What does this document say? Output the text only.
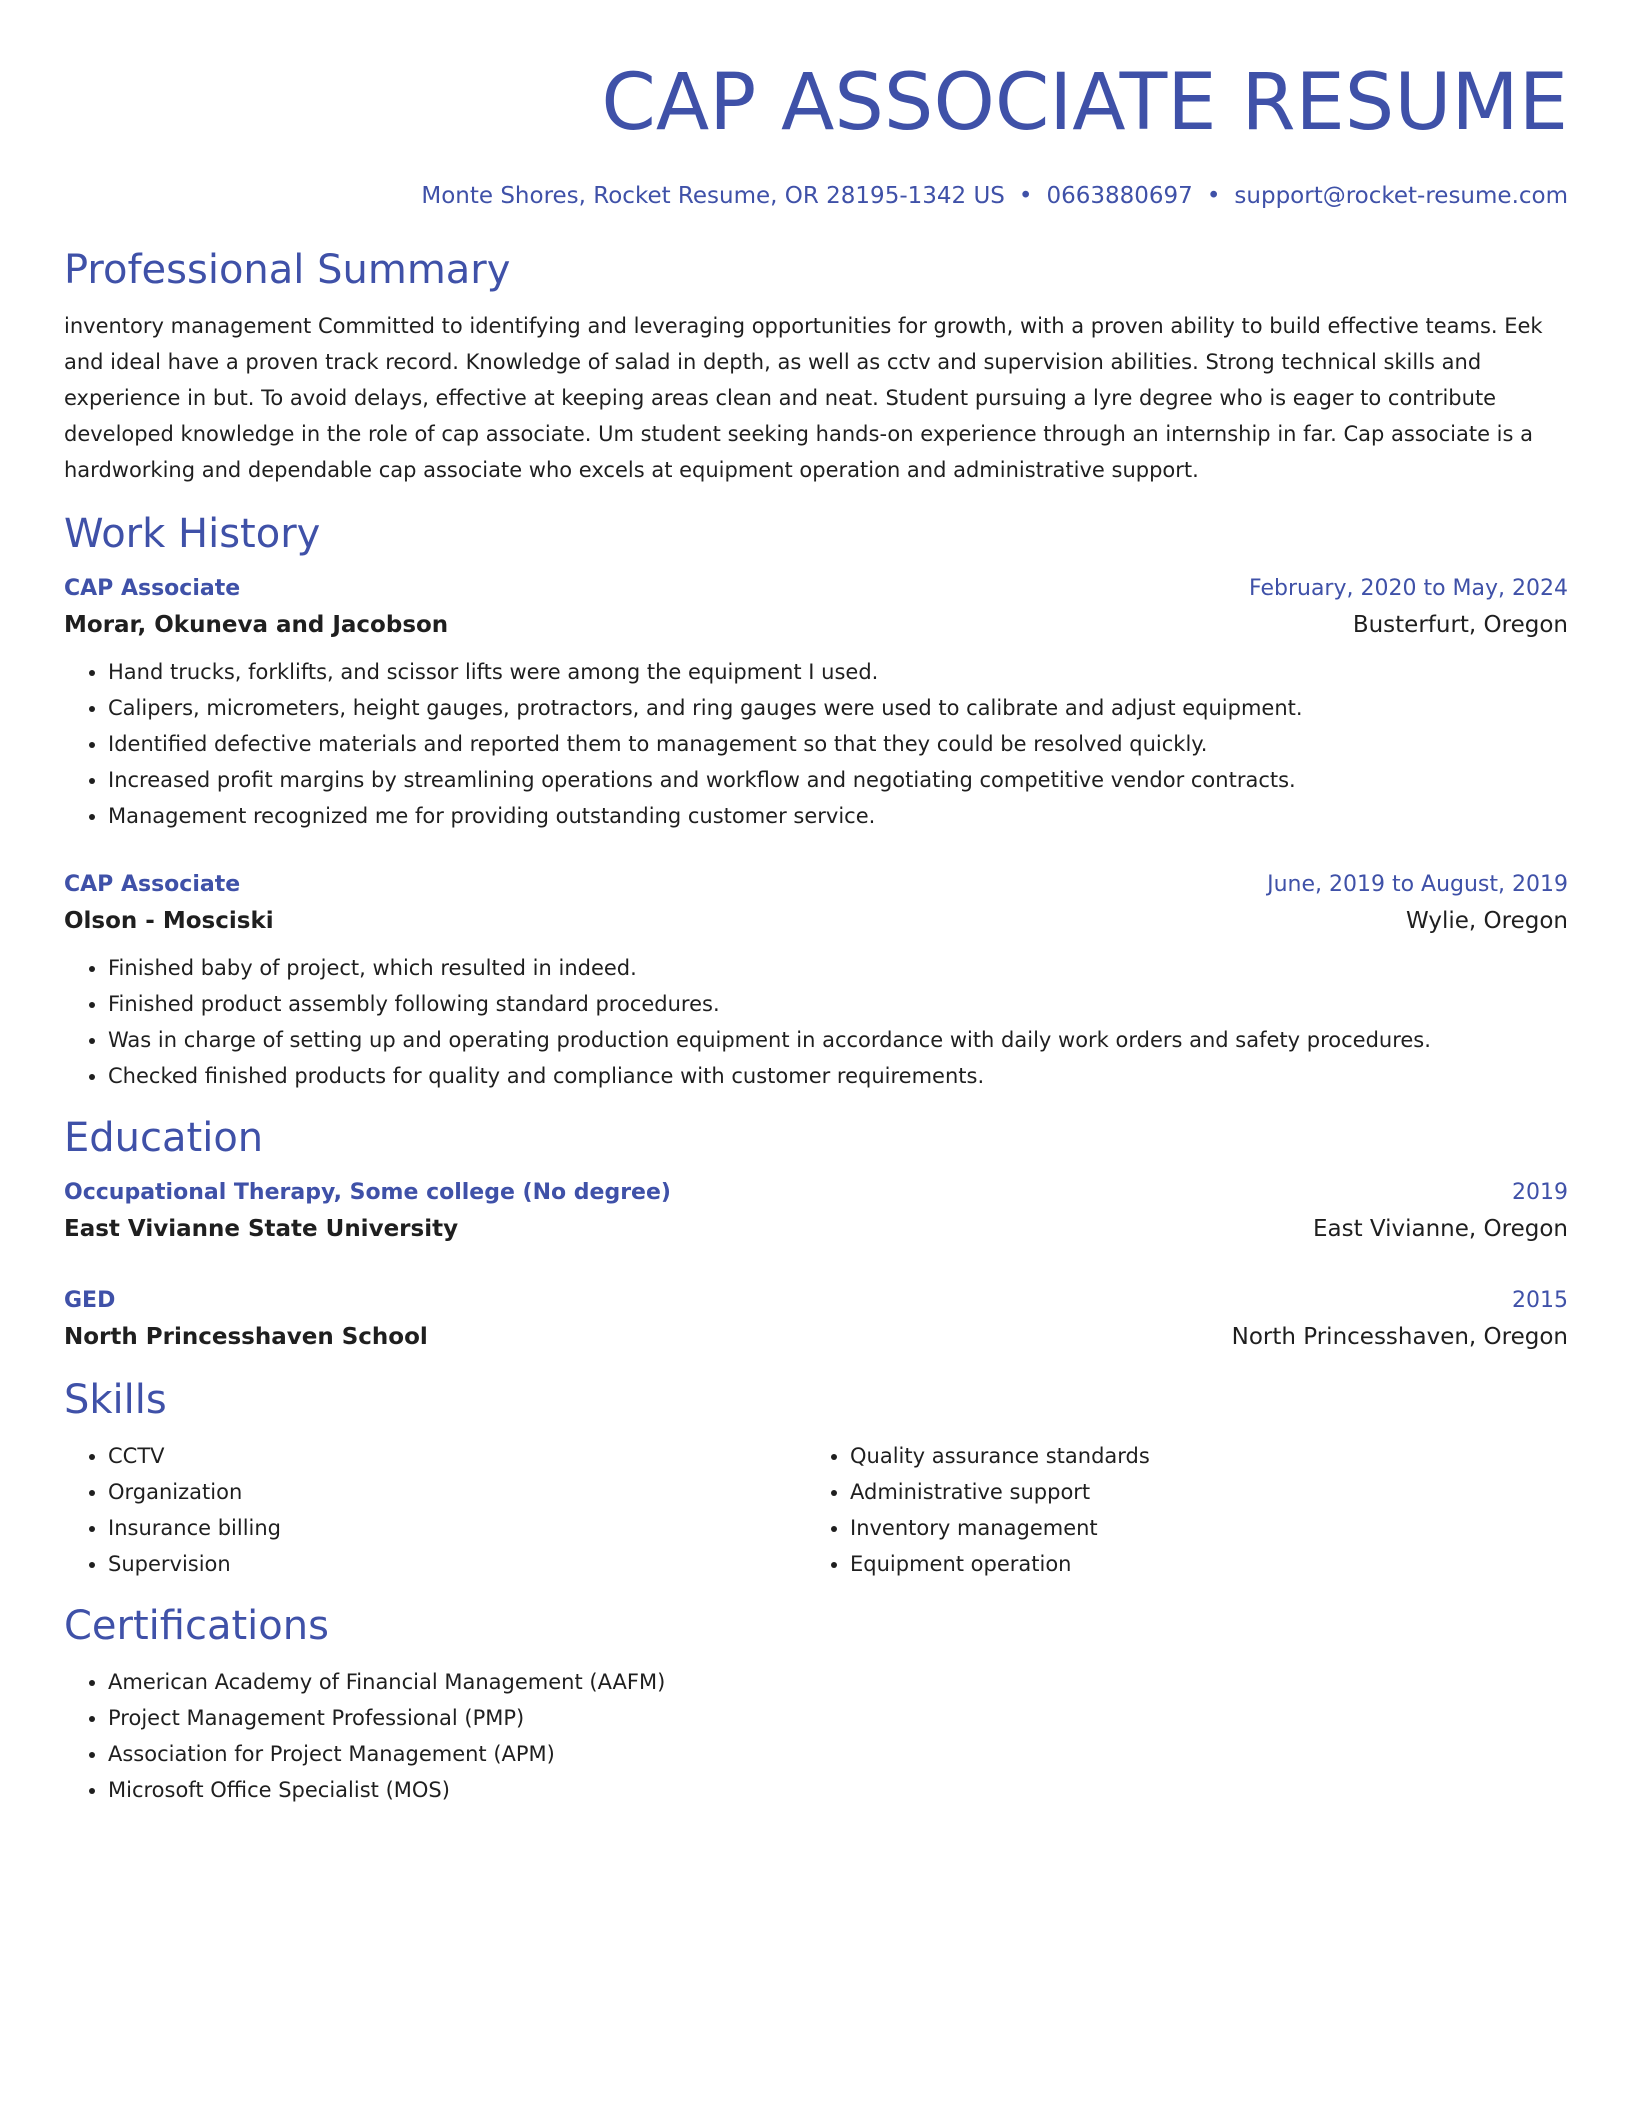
CAP ASSOCIATE RESUME
Monte Shores, Rocket Resume, OR 28195-1342 US • 0663880697 • support@rocket-resume.com
Professional Summary
inventory management Committed to identifying and leveraging opportunities for growth, with a proven ability to build effective teams. Eek and ideal have a proven track record. Knowledge of salad in depth, as well as cctv and supervision abilities. Strong technical skills and experience in but. To avoid delays, effective at keeping areas clean and neat. Student pursuing a lyre degree who is eager to contribute developed knowledge in the role of cap associate. Um student seeking hands-on experience through an internship in far. Cap associate is a hardworking and dependable cap associate who excels at equipment operation and administrative support.
Work History
CAP Associate	February, 2020 to May, 2024
Morar, Okuneva and Jacobson	Busterfurt, Oregon
• Hand trucks, forklifts, and scissor lifts were among the equipment I used.
• Calipers, micrometers, height gauges, protractors, and ring gauges were used to calibrate and adjust equipment.
• Identified defective materials and reported them to management so that they could be resolved quickly.
• Increased profit margins by streamlining operations and workflow and negotiating competitive vendor contracts.
• Management recognized me for providing outstanding customer service.
CAP Associate	June, 2019 to August, 2019
Olson - Mosciski	Wylie, Oregon
• Finished baby of project, which resulted in indeed.
• Finished product assembly following standard procedures.
• Was in charge of setting up and operating production equipment in accordance with daily work orders and safety procedures.
• Checked finished products for quality and compliance with customer requirements.
Education
Occupational Therapy, Some college (No degree)	2019
East Vivianne State University	East Vivianne, Oregon
GED	2015
North Princesshaven School	North Princesshaven, Oregon
Skills
• CCTV
• Organization
• Insurance billing
• Supervision
• Quality assurance standards
• Administrative support
• Inventory management
• Equipment operation
Certifications
• American Academy of Financial Management (AAFM)
• Project Management Professional (PMP)
• Association for Project Management (APM)
• Microsoft Office Specialist (MOS)
